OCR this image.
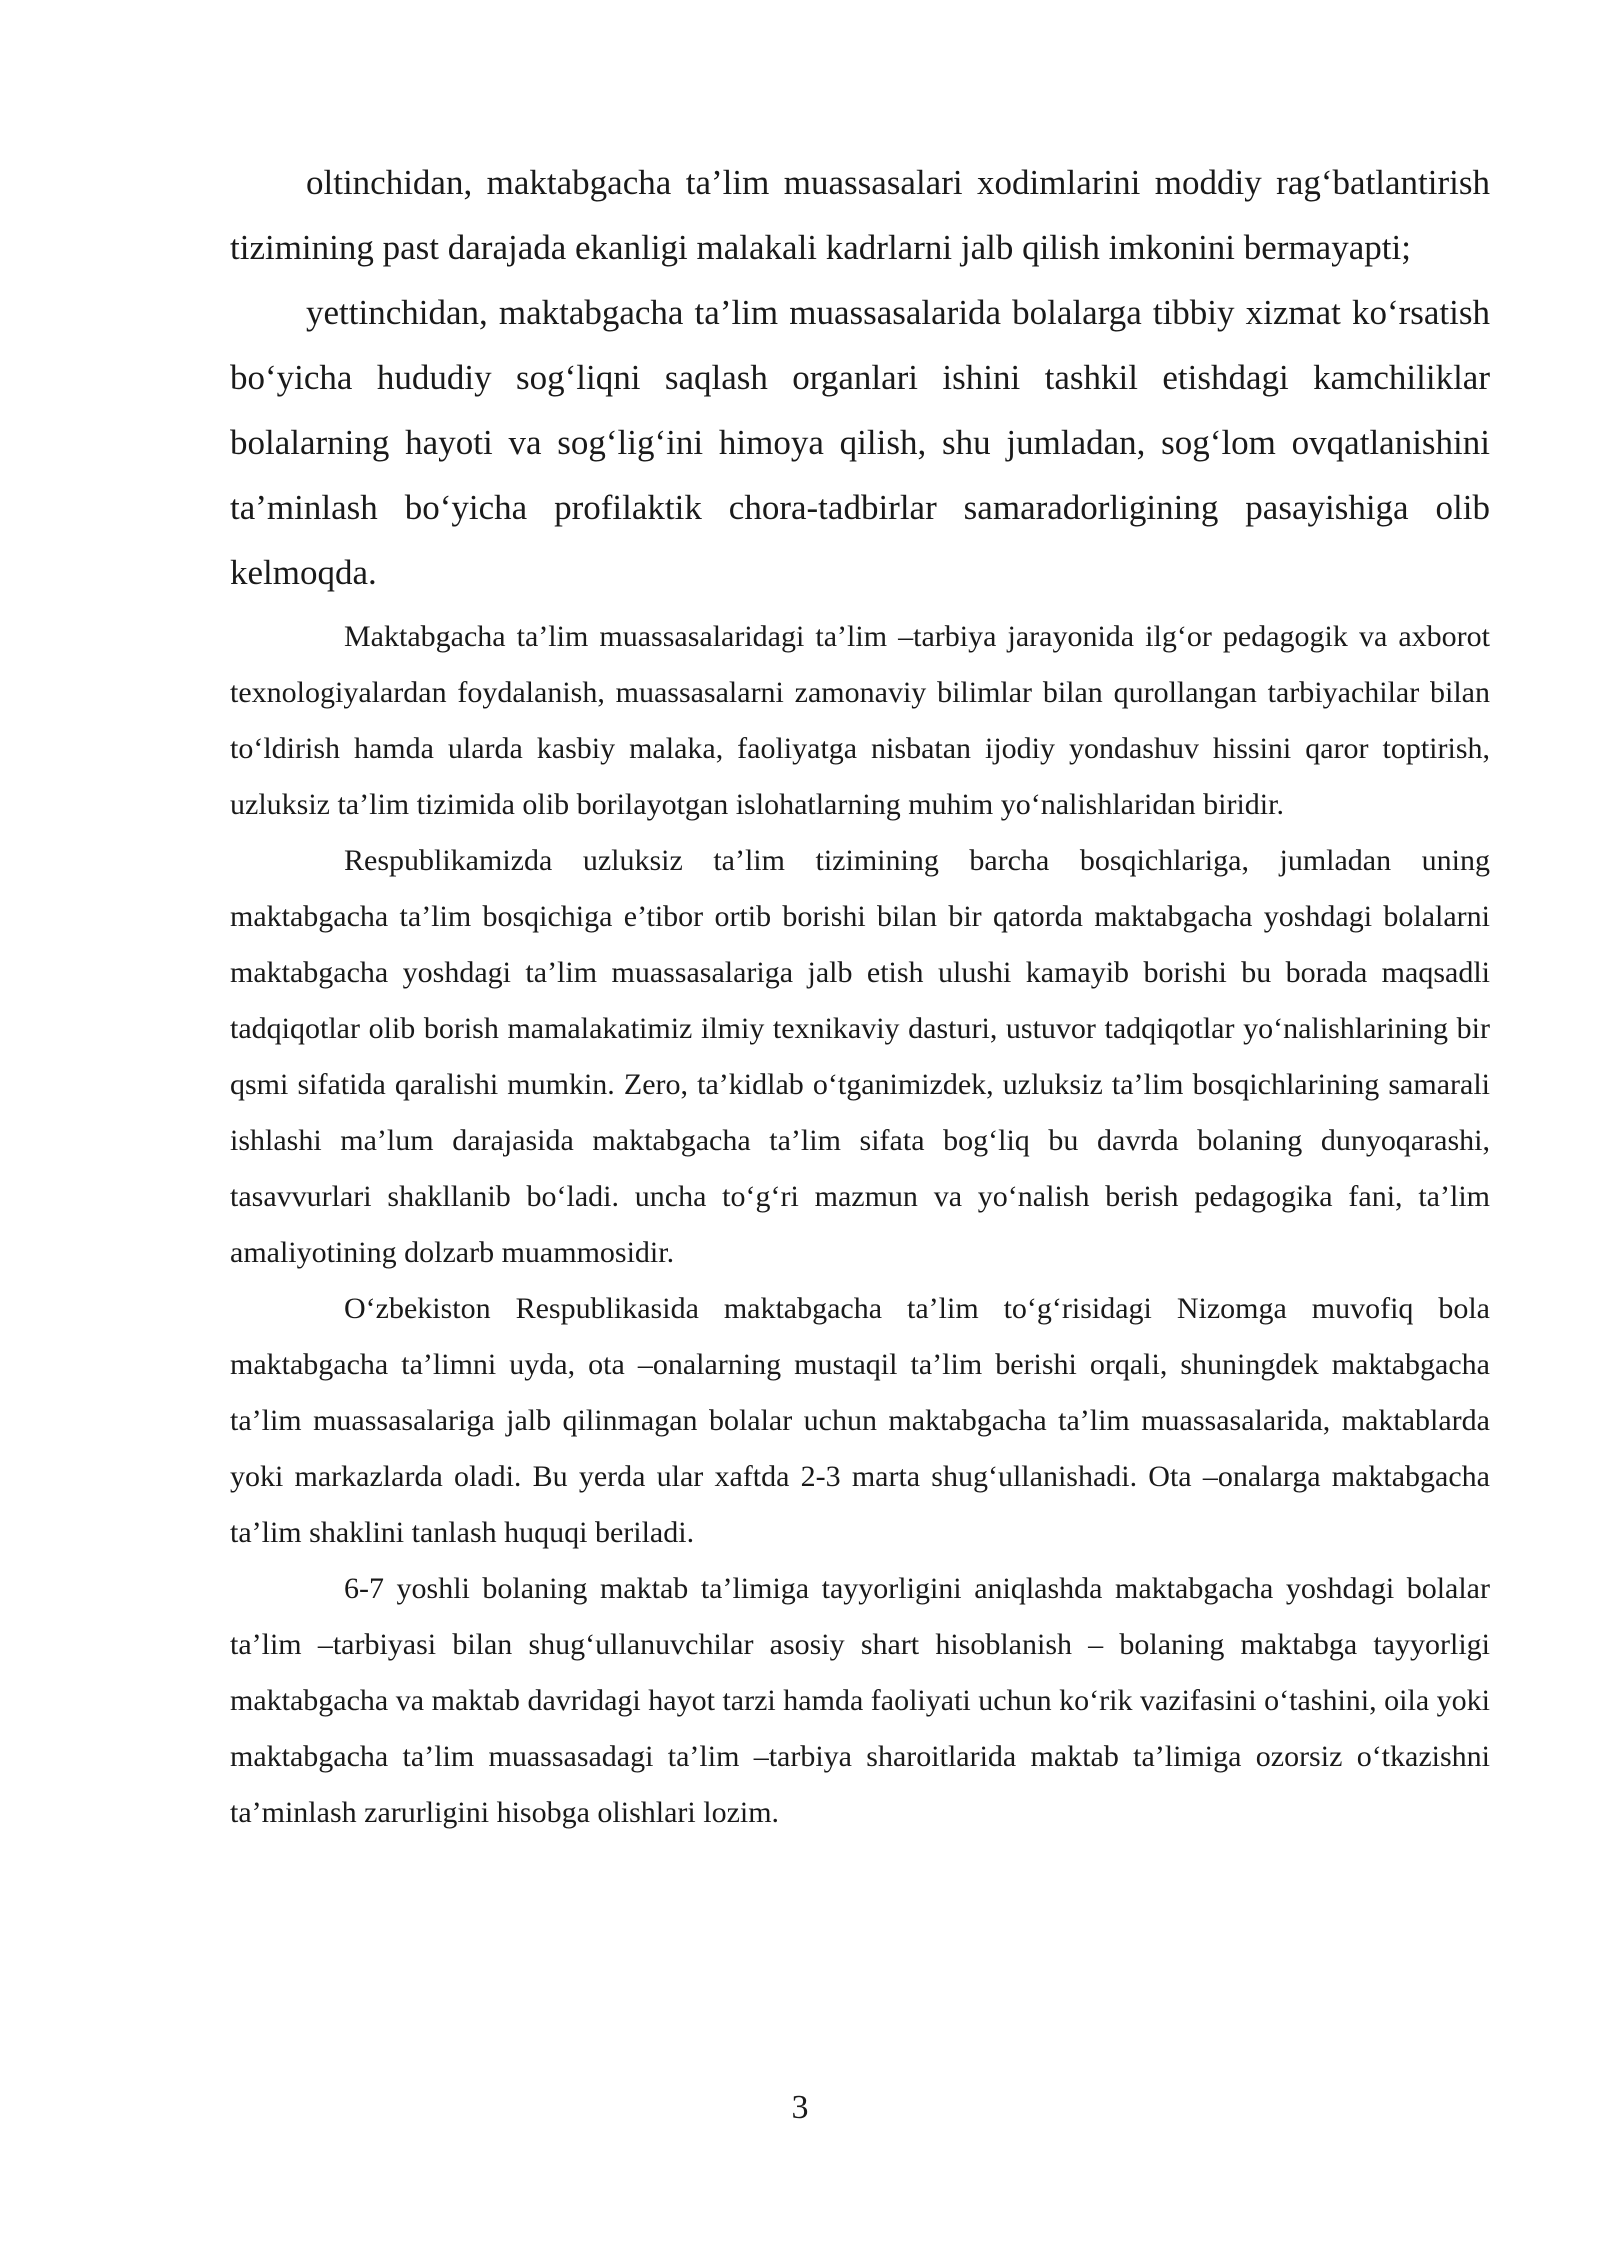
oltinchidan, maktabgacha ta’lim muassasalari xodimlarini moddiy rag‘batlantirish tizimining past darajada ekanligi malakali kadrlarni jalb qilish imkonini bermayapti;

yettinchidan, maktabgacha ta’lim muassasalarida bolalarga tibbiy xizmat ko‘rsatish bo‘yicha hududiy sog‘liqni saqlash organlari ishini tashkil etishdagi kamchiliklar bolalarning hayoti va sog‘lig‘ini himoya qilish, shu jumladan, sog‘lom ovqatlanishini ta’minlash bo‘yicha profilaktik chora-tadbirlar samaradorligining pasayishiga olib kelmoqda.

Maktabgacha ta’lim muassasalaridagi ta’lim –tarbiya jarayonida ilg‘or pedagogik va axborot texnologiyalardan foydalanish, muassasalarni zamonaviy bilimlar bilan qurollangan tarbiyachilar bilan to‘ldirish hamda ularda kasbiy malaka, faoliyatga nisbatan ijodiy yondashuv hissini qaror toptirish, uzluksiz ta’lim tizimida olib borilayotgan islohatlarning muhim yo‘nalishlaridan biridir.

Respublikamizda uzluksiz ta’lim tizimining barcha bosqichlariga, jumladan uning maktabgacha ta’lim bosqichiga e’tibor ortib borishi bilan bir qatorda maktabgacha yoshdagi bolalarni maktabgacha yoshdagi ta’lim muassasalariga jalb etish ulushi kamayib borishi bu borada maqsadli tadqiqotlar olib borish mamalakatimiz ilmiy texnikaviy dasturi, ustuvor tadqiqotlar yo‘nalishlarining bir qsmi sifatida qaralishi mumkin. Zero, ta’kidlab o‘tganimizdek, uzluksiz ta’lim bosqichlarining samarali ishlashi ma’lum darajasida maktabgacha ta’lim sifata bog‘liq bu davrda bolaning dunyoqarashi, tasavvurlari shakllanib bo‘ladi. uncha to‘g‘ri mazmun va yo‘nalish berish pedagogika fani, ta’lim amaliyotining dolzarb muammosidir.

O‘zbekiston Respublikasida maktabgacha ta’lim to‘g‘risidagi Nizomga muvofiq bola maktabgacha ta’limni uyda, ota –onalarning mustaqil ta’lim berishi orqali, shuningdek maktabgacha ta’lim muassasalariga jalb qilinmagan bolalar uchun maktabgacha ta’lim muassasalarida, maktablarda yoki markazlarda oladi. Bu yerda ular xaftda 2-3 marta shug‘ullanishadi. Ota –onalarga maktabgacha ta’lim shaklini tanlash huquqi beriladi.

6-7 yoshli bolaning maktab ta’limiga tayyorligini aniqlashda maktabgacha yoshdagi bolalar ta’lim –tarbiyasi bilan shug‘ullanuvchilar asosiy shart hisoblanish – bolaning maktabga tayyorligi maktabgacha va maktab davridagi hayot tarzi hamda faoliyati uchun ko‘rik vazifasini o‘tashini, oila yoki maktabgacha ta’lim muassasadagi ta’lim –tarbiya sharoitlarida maktab ta’limiga ozorsiz o‘tkazishni ta’minlash zarurligini hisobga olishlari lozim.

3
